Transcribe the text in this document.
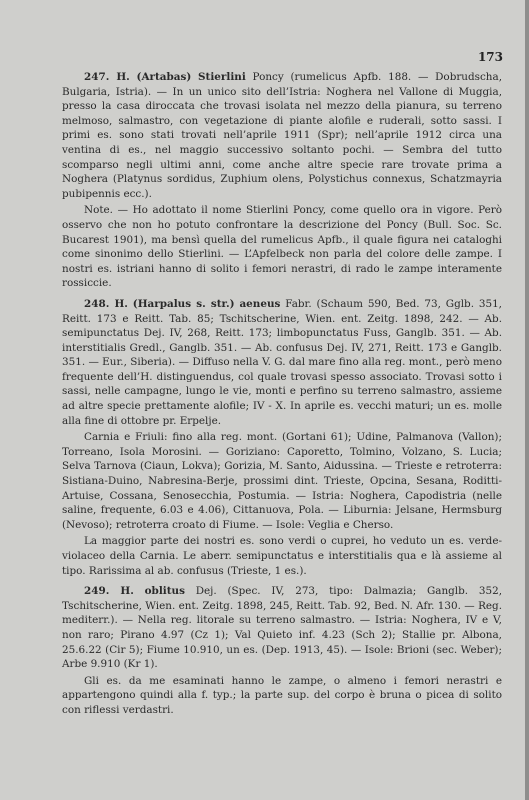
173

247. H. (Artabas) Stierlini Poncy (rumelicus Apfb. 188. — Dobrudscha, Bulgaria, Istria). — In un unico sito dell’Istria: Noghera nel Vallone di Muggia, presso la casa diroccata che trovasi isolata nel mezzo della pianura, su terreno melmoso, salmastro, con vegetazione di piante alofile e ruderali, sotto sassi. I primi es. sono stati trovati nell’aprile 1911 (Spr); nell’aprile 1912 circa una ventina di es., nel maggio successivo soltanto pochi. — Sembra del tutto scomparso negli ultimi anni, come anche altre specie rare trovate prima a Noghera (Platynus sordidus, Zuphium olens, Polystichus connexus, Schatzmayria pubipennis ecc.).

Note. — Ho adottato il nome Stierlini Poncy, come quello ora in vigore. Però osservo che non ho potuto confrontare la descrizione del Poncy (Bull. Soc. Sc. Bucarest 1901), ma bensì quella del rumelicus Apfb., il quale figura nei cataloghi come sinonimo dello Stierlini. — L’Apfelbeck non parla del colore delle zampe. I nostri es. istriani hanno di solito i femori nerastri, di rado le zampe interamente rossiccie.

248. H. (Harpalus s. str.) aeneus Fabr. (Schaum 590, Bed. 73, Gglb. 351, Reitt. 173 e Reitt. Tab. 85; Tschitscherine, Wien. ent. Zeitg. 1898, 242. — Ab. semipunctatus Dej. IV, 268, Reitt. 173; limbopunctatus Fuss, Ganglb. 351. — Ab. interstitialis Gredl., Ganglb. 351. — Ab. confusus Dej. IV, 271, Reitt. 173 e Ganglb. 351. — Eur., Siberia). — Diffuso nella V. G. dal mare fino alla reg. mont., però meno frequente dell’H. distinguendus, col quale trovasi spesso associato. Trovasi sotto i sassi, nelle campagne, lungo le vie, monti e perfino su terreno salmastro, assieme ad altre specie prettamente alofile; IV - X. In aprile es. vecchi maturi; un es. molle alla fine di ottobre pr. Erpelje.

Carnia e Friuli: fino alla reg. mont. (Gortani 61); Udine, Palmanova (Vallon); Torreano, Isola Morosini. — Goriziano: Caporetto, Tolmino, Volzano, S. Lucia; Selva Tarnova (Ciaun, Lokva); Gorizia, M. Santo, Aidussina. — Trieste e retroterra: Sistiana-Duino, Nabresina-Berje, prossimi dint. Trieste, Opcina, Sesana, Roditti-Artuise, Cossana, Senosecchia, Postumia. — Istria: Noghera, Capodistria (nelle saline, frequente, 6.03 e 4.06), Cittanuova, Pola. — Liburnia: Jelsane, Hermsburg (Nevoso); retroterra croato di Fiume. — Isole: Veglia e Cherso.

La maggior parte dei nostri es. sono verdi o cuprei, ho veduto un es. verde-violaceo della Carnia. Le aberr. semipunctatus e interstitialis qua e là assieme al tipo. Rarissima al ab. confusus (Trieste, 1 es.).

249. H. oblitus Dej. (Spec. IV, 273, tipo: Dalmazia; Ganglb. 352, Tschitscherine, Wien. ent. Zeitg. 1898, 245, Reitt. Tab. 92, Bed. N. Afr. 130. — Reg. mediterr.). — Nella reg. litorale su terreno salmastro. — Istria: Noghera, IV e V, non raro; Pirano 4.97 (Cz 1); Val Quieto inf. 4.23 (Sch 2); Stallie pr. Albona, 25.6.22 (Cir 5); Fiume 10.910, un es. (Dep. 1913, 45). — Isole: Brioni (sec. Weber); Arbe 9.910 (Kr 1).

Gli es. da me esaminati hanno le zampe, o almeno i femori nerastri e appartengono quindi alla f. typ.; la parte sup. del corpo è bruna o picea di solito con riflessi verdastri.
